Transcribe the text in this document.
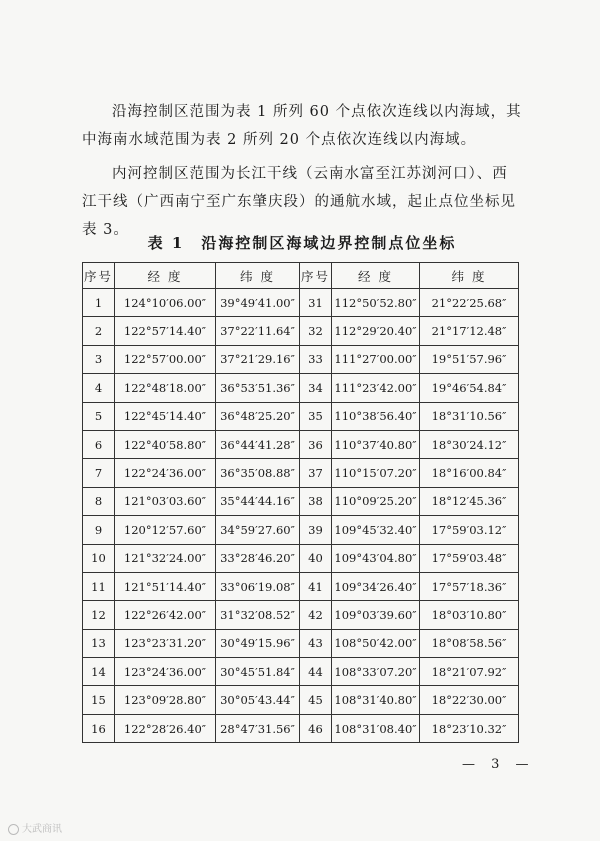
沿海控制区范围为表 1 所列 60 个点依次连线以内海域，其中海南水域范围为表 2 所列 20 个点依次连线以内海域。

内河控制区范围为长江干线（云南水富至江苏浏河口）、西江干线（广西南宁至广东肇庆段）的通航水域，起止点位坐标见表 3。

表 1　沿海控制区海域边界控制点位坐标
序号	经 度	纬 度	序号	经 度	纬 度
1	124°10′06.00″	39°49′41.00″	31	112°50′52.80″	21°22′25.68″
2	122°57′14.40″	37°22′11.64″	32	112°29′20.40″	21°17′12.48″
3	122°57′00.00″	37°21′29.16″	33	111°27′00.00″	19°51′57.96″
4	122°48′18.00″	36°53′51.36″	34	111°23′42.00″	19°46′54.84″
5	122°45′14.40″	36°48′25.20″	35	110°38′56.40″	18°31′10.56″
6	122°40′58.80″	36°44′41.28″	36	110°37′40.80″	18°30′24.12″
7	122°24′36.00″	36°35′08.88″	37	110°15′07.20″	18°16′00.84″
8	121°03′03.60″	35°44′44.16″	38	110°09′25.20″	18°12′45.36″
9	120°12′57.60″	34°59′27.60″	39	109°45′32.40″	17°59′03.12″
10	121°32′24.00″	33°28′46.20″	40	109°43′04.80″	17°59′03.48″
11	121°51′14.40″	33°06′19.08″	41	109°34′26.40″	17°57′18.36″
12	122°26′42.00″	31°32′08.52″	42	109°03′39.60″	18°03′10.80″
13	123°23′31.20″	30°49′15.96″	43	108°50′42.00″	18°08′58.56″
14	123°24′36.00″	30°45′51.84″	44	108°33′07.20″	18°21′07.92″
15	123°09′28.80″	30°05′43.44″	45	108°31′40.80″	18°22′30.00″
16	122°28′26.40″	28°47′31.56″	46	108°31′08.40″	18°23′10.32″
— 3 —
大武商讯
